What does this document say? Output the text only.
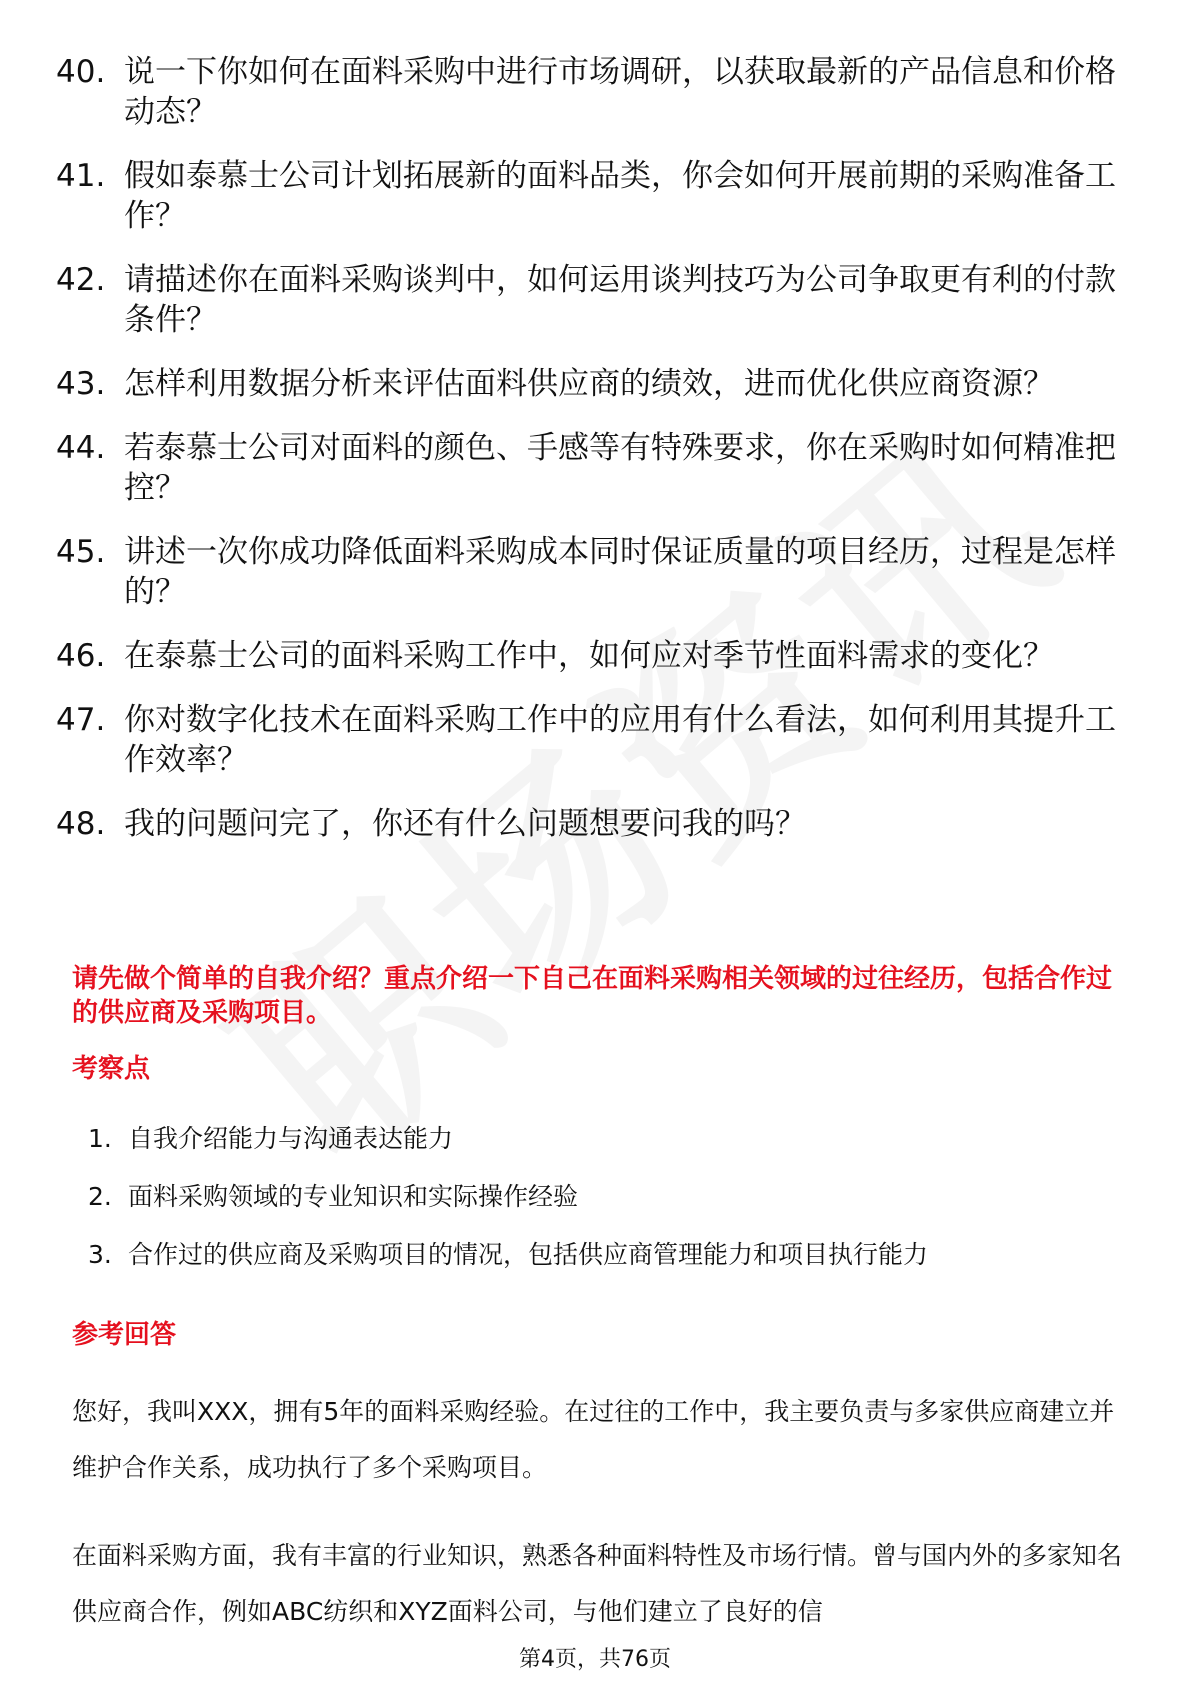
40. 说一下你如何在面料采购中进行市场调研，以获取最新的产品信息和价格动态？
41. 假如泰慕士公司计划拓展新的面料品类，你会如何开展前期的采购准备工作？
42. 请描述你在面料采购谈判中，如何运用谈判技巧为公司争取更有利的付款条件？
43. 怎样利用数据分析来评估面料供应商的绩效，进而优化供应商资源？
44. 若泰慕士公司对面料的颜色、手感等有特殊要求，你在采购时如何精准把控？
45. 讲述一次你成功降低面料采购成本同时保证质量的项目经历，过程是怎样的？
46. 在泰慕士公司的面料采购工作中，如何应对季节性面料需求的变化？
47. 你对数字化技术在面料采购工作中的应用有什么看法，如何利用其提升工作效率？
48. 我的问题问完了，你还有什么问题想要问我的吗？
请先做个简单的自我介绍？重点介绍一下自己在面料采购相关领域的过往经历，包括合作过的供应商及采购项目。
考察点
1. 自我介绍能力与沟通表达能力
2. 面料采购领域的专业知识和实际操作经验
3. 合作过的供应商及采购项目的情况，包括供应商管理能力和项目执行能力
参考回答

您好，我叫XXX，拥有5年的面料采购经验。在过往的工作中，我主要负责与多家供应商建立并维护合作关系，成功执行了多个采购项目。

在面料采购方面，我有丰富的行业知识，熟悉各种面料特性及市场行情。曾与国内外的多家知名供应商合作，例如ABC纺织和XYZ面料公司，与他们建立了良好的信

第4页，共76页
